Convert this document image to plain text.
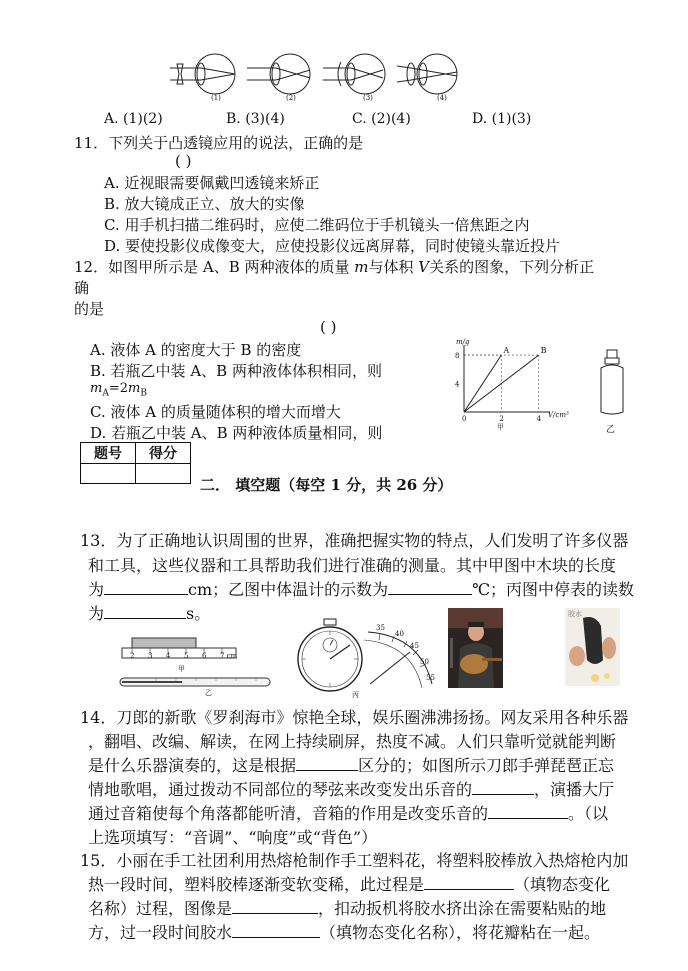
(1)	(2)	(3)	(4)
A. (1)(2)	B. (3)(4)	C. (2)(4)	D. (1)(3)
11．下列关于凸透镜应用的说法，正确的是
( )
A. 近视眼需要佩戴凹透镜来矫正
B. 放大镜成正立、放大的实像
C. 用手机扫描二维码时，应使二维码位于手机镜头一倍焦距之内
D. 要使投影仪成像变大，应使投影仪远离屏幕，同时使镜头靠近投片
12．如图甲所示是 A、B 两种液体的质量 m与体积 V关系的图象，下列分析正
确
的是
( )
A. 液体 A 的密度大于 B 的密度
B. 若瓶乙中装 A、B 两种液体体积相同，则
$m_A=2m_B$
C. 液体 A 的质量随体积的增大而增大
D. 若瓶乙中装 A、B 两种液体质量相同，则
A	B
0	2	4
4
8
m/g
V/cm³
甲	乙
题号	得分

二． 填空题（每空 1 分，共 26 分）
13．为了正确地认识周围的世界，准确把握实物的特点，人们发明了许多仪器
和工具，这些仪器和工具帮助我们进行准确的测量。其中甲图中木块的长度
为	cm；乙图中体温计的示数为	℃；丙图中停表的读数
为	s。
2 3 4 5 6 7 cm
甲
乙
35
40
45
50
55
丙
胶水
14．刀郎的新歌《罗刹海市》惊艳全球，娱乐圈沸沸扬扬。网友采用各种乐器
，翻唱、改编、解读，在网上持续刷屏，热度不减。人们只靠听觉就能判断
是什么乐器演奏的，这是根据	区分的；如图所示刀郎手弹琵琶正忘
情地歌唱，通过拨动不同部位的琴弦来改变发出乐音的	，演播大厅
通过音箱使每个角落都能听清，音箱的作用是改变乐音的	。（以
上选项填写：“音调”、“响度”或“背色”）
15．小丽在手工社团利用热熔枪制作手工塑料花，将塑料胶棒放入热熔枪内加
热一段时间，塑料胶棒逐渐变软变稀，此过程是	（填物态变化
名称）过程，图像是	，扣动扳机将胶水挤出涂在需要粘贴的地
方，过一段时间胶水	（填物态变化名称），将花瓣粘在一起。
